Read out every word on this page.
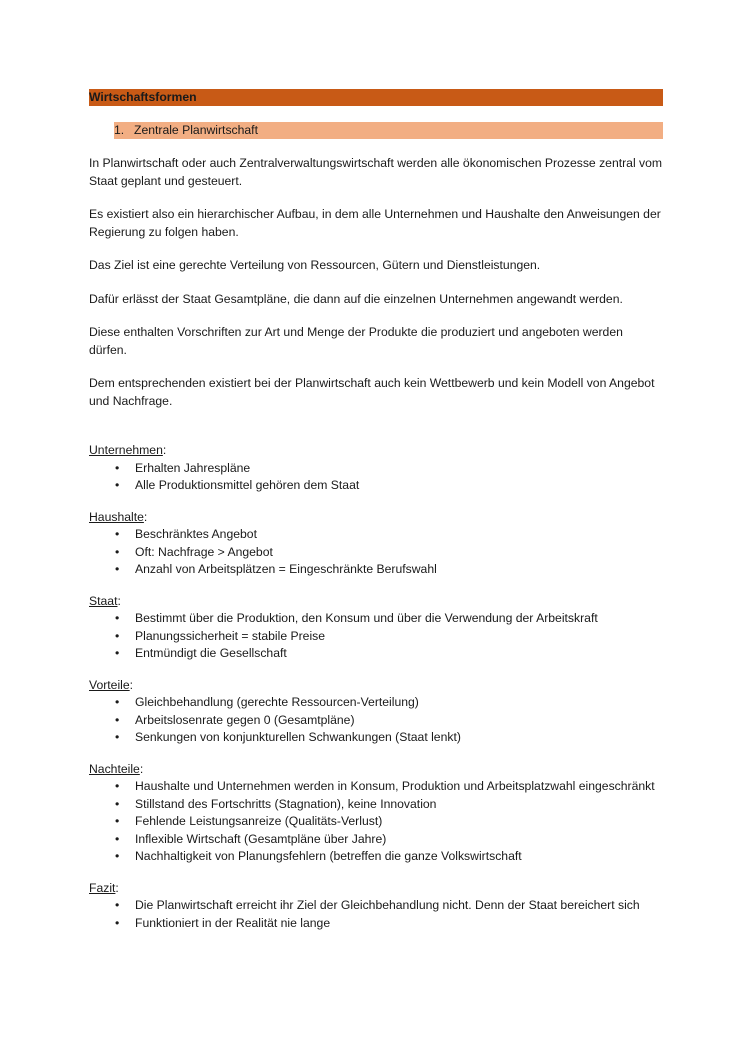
Wirtschaftsformen
1. Zentrale Planwirtschaft

In Planwirtschaft oder auch Zentralverwaltungswirtschaft werden alle ökonomischen Prozesse zentral vom Staat geplant und gesteuert.

Es existiert also ein hierarchischer Aufbau, in dem alle Unternehmen und Haushalte den Anweisungen der Regierung zu folgen haben.

Das Ziel ist eine gerechte Verteilung von Ressourcen, Gütern und Dienstleistungen.

Dafür erlässt der Staat Gesamtpläne, die dann auf die einzelnen Unternehmen angewandt werden.

Diese enthalten Vorschriften zur Art und Menge der Produkte die produziert und angeboten werden dürfen.

Dem entsprechenden existiert bei der Planwirtschaft auch kein Wettbewerb und kein Modell von Angebot und Nachfrage.

Unternehmen:
• Erhalten Jahrespläne
• Alle Produktionsmittel gehören dem Staat
Haushalte:
• Beschränktes Angebot
• Oft: Nachfrage > Angebot
• Anzahl von Arbeitsplätzen = Eingeschränkte Berufswahl
Staat:
• Bestimmt über die Produktion, den Konsum und über die Verwendung der Arbeitskraft
• Planungssicherheit = stabile Preise
• Entmündigt die Gesellschaft
Vorteile:
• Gleichbehandlung (gerechte Ressourcen-Verteilung)
• Arbeitslosenrate gegen 0 (Gesamtpläne)
• Senkungen von konjunkturellen Schwankungen (Staat lenkt)
Nachteile:
• Haushalte und Unternehmen werden in Konsum, Produktion und Arbeitsplatzwahl eingeschränkt
• Stillstand des Fortschritts (Stagnation), keine Innovation
• Fehlende Leistungsanreize (Qualitäts-Verlust)
• Inflexible Wirtschaft (Gesamtpläne über Jahre)
• Nachhaltigkeit von Planungsfehlern (betreffen die ganze Volkswirtschaft
Fazit:
• Die Planwirtschaft erreicht ihr Ziel der Gleichbehandlung nicht. Denn der Staat bereichert sich
• Funktioniert in der Realität nie lange
